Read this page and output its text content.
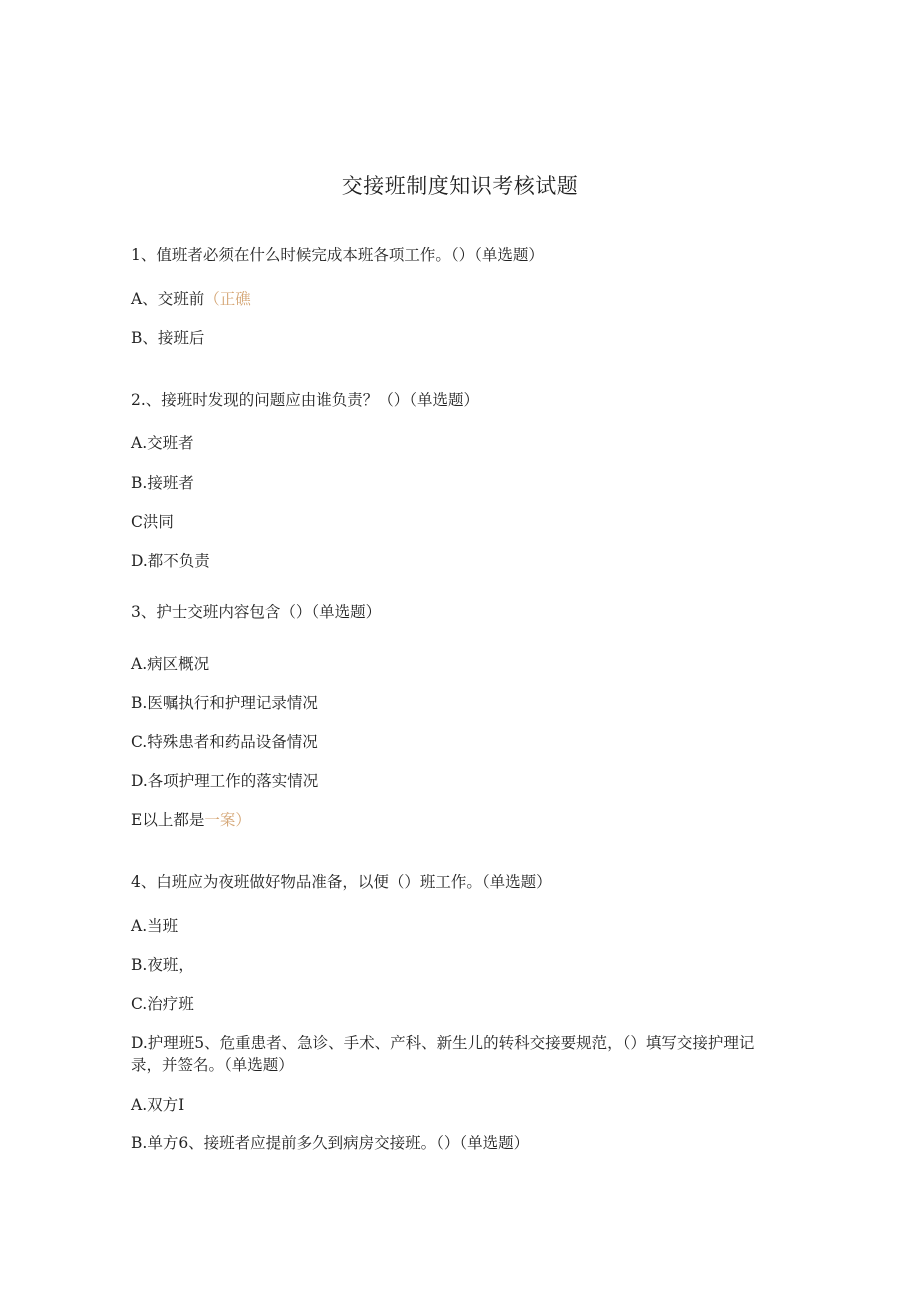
交接班制度知识考核试题
1、值班者必须在什么时候完成本班各项工作。（）（单选题）
A、交班前（正礁
B、接班后
2.、接班时发现的问题应由谁负责？（）（单选题）
A.交班者
B.接班者
C洪同
D.都不负责
3、护士交班内容包含（）（单选题）
A.病区概况
B.医嘱执行和护理记录情况
C.特殊患者和药品设备情况
D.各项护理工作的落实情况
E以上都是一案）
4、白班应为夜班做好物品准备，以便（）班工作。（单选题）
A.当班
B.夜班，
C.治疗班
D.护理班5、危重患者、急诊、手术、产科、新生儿的转科交接要规范，（）填写交接护理记录，并签名。（单选题）
A.双方I
B.单方6、接班者应提前多久到病房交接班。（）（单选题）
